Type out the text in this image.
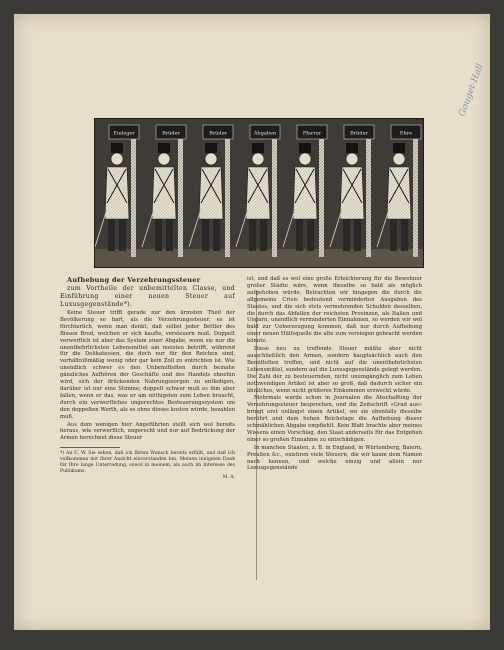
Gouget-Hall
Einleger	Brüder	Brüder	Abgaben	Pfarrer	Brüder	Ehre

Aufhebung der Verzehrungssteuer

zum Vortheile der unbemittelten Classe, und Einführung einer neuen Steuer auf Luxusgegenstände*).

Keine Steuer trifft gerade nur den ärmsten Theil der Bevölkerung so hart, als die Verzehrungssteuer; es ist fürchterlich, wenn man denkt, daß selbst jeder Bettler des Bissen Brod, welchen er sich kaufte, versteuern muß. Doppelt verwerflich ist aber das System einer Abgabe, wenn sie nur die unentbehrlichsten Lebensmittel am meisten betrifft, während für die Delikatessen, die doch nur für den Reichen sind, verhältnißmäßig wenig oder gar kein Zoll zu entrichten ist. Wie unendlich schwer es den Unbemittelten durch beinahe gänzliches Aufhören der Geschäfte und des Handels ohnehin wird, sich der drückenden Nahrungssorgen zu entledigen, darüber ist nur eine Stimme; doppelt schwer muß es ihm aber fallen, wenn er das, was er am nöthigsten zum Leben braucht, durch ein verwerfliches ungerechtes Besteuerungssystem um den doppelten Werth, als es ohne dieses kosten würde, bezahlen muß.

Aus dem wenigen hier Angeführten stellt sich wol bereits heraus, wie verwerflich, ungerecht und nur auf Bedrückung der Armen berechnet diese Steuer

*) An C. W. Sie sehen, daß ich Ihrem Wunsch bereits erfüllt, und daß ich vollkommen mit Ihrer Ansicht einverstanden bin. Meinen innigsten Dank für Ihre lange Unterredung, sowol in meinem, als auch im Interesse des Publikums.
M. A.

ist, und daß es wol eine große Erleichterung für die Bewohner großer Städte wäre, wenn dieselbe so bald als möglich aufgehoben würde. Betrachten wir hingegen die durch die allgemeine Crisis bedeutend verminderten Ausgaben des Staates, und die sich stets vermehrenden Schulden desselben, die durch das Abfallen der reichsten Provinzen, als Italien und Ungarn, unendlich verminderten Einnahmen, so werden wir wol bald zur Ueberzeugung kommen, daß nur durch Aufhebung einer neuen Hülfsquelle die alte zum versiegen gebracht werden könnte.

Diese neu zu treffende Steuer müßte aber nicht ausschließlich den Armen, sondern hauptsächlich auch den Bemittelten treffen, und nicht auf die unentbehrlichsten Lebensmittel, sondern auf die Luxusgegenstände gelegt werden. Die Zahl der zu besteuernden, nicht unumgänglich zum Leben nothwendigen Artikel ist aber so groß, daß dadurch sicher ein ähnliches, wenn nicht größeres Einkommen erzweckt würde.

Mehrmals wurde schon in Journalen die Abschaffung der Verzehrungssteuer besprochen, und die Zeitschrift »Grad aus« bringt erst unlängst einen Artikel, wo sie ebenfalls dieselbe berührt und dem hohen Reichstage die Aufhebung dieser schmählichen Abgabe empfiehlt. Kein Blatt brachte aber meines Wissens einen Vorschlag, den Staat anderseits für das Entgehen einer so großen Einnahme zu entschädigen.

In manchen Staaten, z. B. in England, in Würtemberg, Baiern, Preußen &c., existiren viele Steuern, die wir kaum dem Namen nach kennen, und welche einzig und allein nur Luxusgegenstände
